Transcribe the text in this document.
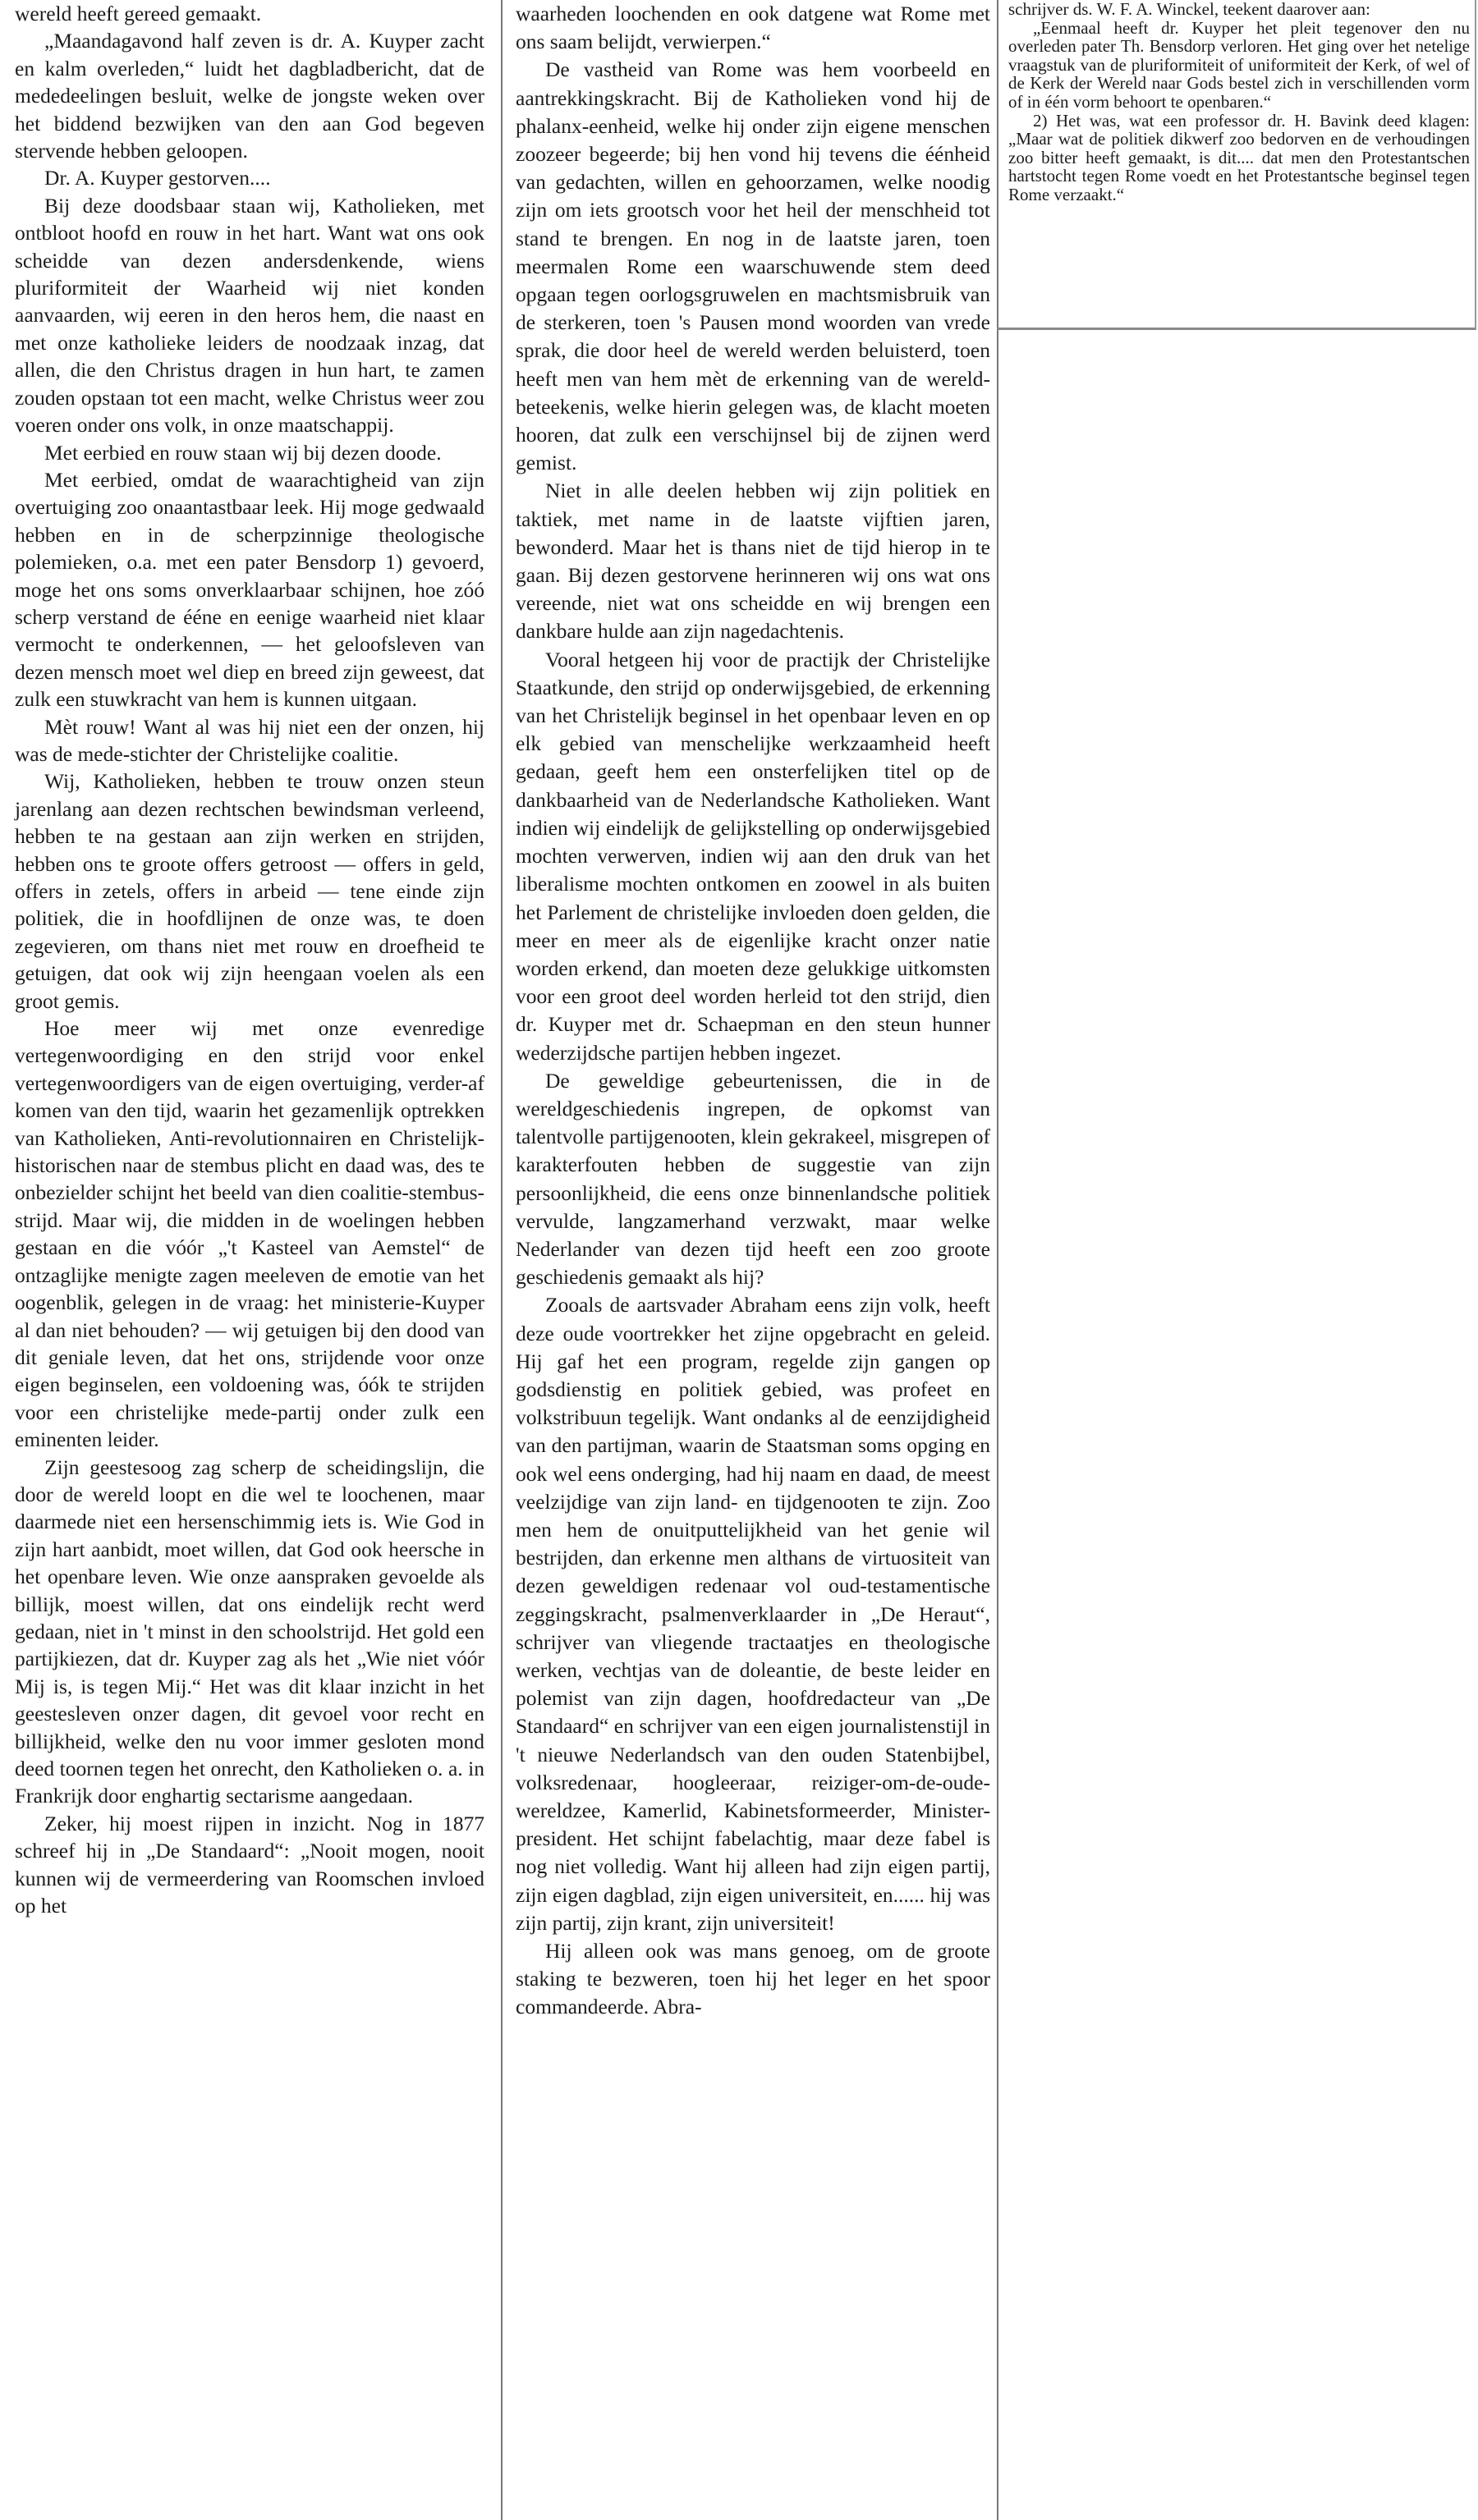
wereld heeft gereed gemaakt.

„Maandagavond half zeven is dr. A. Kuyper zacht en kalm overleden,“ luidt het dagbladbericht, dat de mededeelingen besluit, welke de jongste weken over het biddend bezwijken van den aan God begeven stervende hebben geloopen.

Dr. A. Kuyper gestorven....

Bij deze doodsbaar staan wij, Katholieken, met ontbloot hoofd en rouw in het hart. Want wat ons ook scheidde van dezen andersdenkende, wiens pluriformiteit der Waarheid wij niet konden aanvaarden, wij eeren in den heros hem, die naast en met onze katholieke leiders de noodzaak inzag, dat allen, die den Christus dragen in hun hart, te zamen zouden opstaan tot een macht, welke Christus weer zou voeren onder ons volk, in onze maatschappij.

Met eerbied en rouw staan wij bij dezen doode.

Met eerbied, omdat de waarachtigheid van zijn overtuiging zoo onaantastbaar leek. Hij moge gedwaald hebben en in de scherpzinnige theologische polemieken, o.a. met een pater Bensdorp 1) gevoerd, moge het ons soms onverklaarbaar schijnen, hoe zóó scherp verstand de ééne en eenige waarheid niet klaar vermocht te onderkennen, — het geloofsleven van dezen mensch moet wel diep en breed zijn geweest, dat zulk een stuwkracht van hem is kunnen uitgaan.

Mèt rouw! Want al was hij niet een der onzen, hij was de mede-stichter der Christelijke coalitie.

Wij, Katholieken, hebben te trouw onzen steun jarenlang aan dezen rechtschen bewindsman verleend, hebben te na gestaan aan zijn werken en strijden, hebben ons te groote offers getroost — offers in geld, offers in zetels, offers in arbeid — tene einde zijn politiek, die in hoofdlijnen de onze was, te doen zegevieren, om thans niet met rouw en droefheid te getuigen, dat ook wij zijn heengaan voelen als een groot gemis.

Hoe meer wij met onze evenredige vertegenwoordiging en den strijd voor enkel vertegenwoordigers van de eigen overtuiging, verder-af komen van den tijd, waarin het gezamenlijk optrekken van Katholieken, Anti-revolutionnairen en Christelijk-historischen naar de stembus plicht en daad was, des te onbezielder schijnt het beeld van dien coalitie-stembus-strijd. Maar wij, die midden in de woelingen hebben gestaan en die vóór „'t Kasteel van Aemstel“ de ontzaglijke menigte zagen meeleven de emotie van het oogenblik, gelegen in de vraag: het ministerie-Kuyper al dan niet behouden? — wij getuigen bij den dood van dit geniale leven, dat het ons, strijdende voor onze eigen beginselen, een voldoening was, óók te strijden voor een christelijke mede-partij onder zulk een eminenten leider.

Zijn geestesoog zag scherp de scheidingslijn, die door de wereld loopt en die wel te loochenen, maar daarmede niet een hersenschimmig iets is. Wie God in zijn hart aanbidt, moet willen, dat God ook heersche in het openbare leven. Wie onze aanspraken gevoelde als billijk, moest willen, dat ons eindelijk recht werd gedaan, niet in 't minst in den schoolstrijd. Het gold een partijkiezen, dat dr. Kuyper zag als het „Wie niet vóór Mij is, is tegen Mij.“ Het was dit klaar inzicht in het geestesleven onzer dagen, dit gevoel voor recht en billijkheid, welke den nu voor immer gesloten mond deed toornen tegen het onrecht, den Katholieken o. a. in Frankrijk door enghartig sectarisme aangedaan.

Zeker, hij moest rijpen in inzicht. Nog in 1877 schreef hij in „De Standaard“: „Nooit mogen, nooit kunnen wij de vermeerdering van Roomschen invloed op het

waarheden loochenden en ook datgene wat Rome met ons saam belijdt, verwierpen.“

De vastheid van Rome was hem voorbeeld en aantrekkingskracht. Bij de Katholieken vond hij de phalanx-eenheid, welke hij onder zijn eigene menschen zoozeer begeerde; bij hen vond hij tevens die éénheid van gedachten, willen en gehoorzamen, welke noodig zijn om iets grootsch voor het heil der menschheid tot stand te brengen. En nog in de laatste jaren, toen meermalen Rome een waarschuwende stem deed opgaan tegen oorlogsgruwelen en machtsmisbruik van de sterkeren, toen 's Pausen mond woorden van vrede sprak, die door heel de wereld werden beluisterd, toen heeft men van hem mèt de erkenning van de wereld-beteekenis, welke hierin gelegen was, de klacht moeten hooren, dat zulk een verschijnsel bij de zijnen werd gemist.

Niet in alle deelen hebben wij zijn politiek en taktiek, met name in de laatste vijftien jaren, bewonderd. Maar het is thans niet de tijd hierop in te gaan. Bij dezen gestorvene herinneren wij ons wat ons vereende, niet wat ons scheidde en wij brengen een dankbare hulde aan zijn nagedachtenis.

Vooral hetgeen hij voor de practijk der Christelijke Staatkunde, den strijd op onderwijsgebied, de erkenning van het Christelijk beginsel in het openbaar leven en op elk gebied van menschelijke werkzaamheid heeft gedaan, geeft hem een onsterfelijken titel op de dankbaarheid van de Nederlandsche Katholieken. Want indien wij eindelijk de gelijkstelling op onderwijsgebied mochten verwerven, indien wij aan den druk van het liberalisme mochten ontkomen en zoowel in als buiten het Parlement de christelijke invloeden doen gelden, die meer en meer als de eigenlijke kracht onzer natie worden erkend, dan moeten deze gelukkige uitkomsten voor een groot deel worden herleid tot den strijd, dien dr. Kuyper met dr. Schaepman en den steun hunner wederzijdsche partijen hebben ingezet.

De geweldige gebeurtenissen, die in de wereldgeschiedenis ingrepen, de opkomst van talentvolle partijgenooten, klein gekrakeel, misgrepen of karakterfouten hebben de suggestie van zijn persoonlijkheid, die eens onze binnenlandsche politiek vervulde, langzamerhand verzwakt, maar welke Nederlander van dezen tijd heeft een zoo groote geschiedenis gemaakt als hij?

Zooals de aartsvader Abraham eens zijn volk, heeft deze oude voortrekker het zijne opgebracht en geleid. Hij gaf het een program, regelde zijn gangen op godsdienstig en politiek gebied, was profeet en volkstribuun tegelijk. Want ondanks al de eenzijdigheid van den partijman, waarin de Staatsman soms opging en ook wel eens onderging, had hij naam en daad, de meest veelzijdige van zijn land- en tijdgenooten te zijn. Zoo men hem de onuitputtelijkheid van het genie wil bestrijden, dan erkenne men althans de virtuositeit van dezen geweldigen redenaar vol oud-testamentische zeggingskracht, psalmenverklaarder in „De Heraut“, schrijver van vliegende tractaatjes en theologische werken, vechtjas van de doleantie, de beste leider en polemist van zijn dagen, hoofdredacteur van „De Standaard“ en schrijver van een eigen journalistenstijl in 't nieuwe Nederlandsch van den ouden Statenbijbel, volksredenaar, hoogleeraar, reiziger-om-de-oude-wereldzee, Kamerlid, Kabinetsformeerder, Minister-president. Het schijnt fabelachtig, maar deze fabel is nog niet volledig. Want hij alleen had zijn eigen partij, zijn eigen dagblad, zijn eigen universiteit, en...... hij was zijn partij, zijn krant, zijn universiteit!

Hij alleen ook was mans genoeg, om de groote staking te bezweren, toen hij het leger en het spoor commandeerde. Abra-

schrijver ds. W. F. A. Winckel, teekent daarover aan:

„Eenmaal heeft dr. Kuyper het pleit tegenover den nu overleden pater Th. Bensdorp verloren. Het ging over het netelige vraagstuk van de pluriformiteit of uniformiteit der Kerk, of wel of de Kerk der Wereld naar Gods bestel zich in verschillenden vorm of in één vorm behoort te openbaren.“

2) Het was, wat een professor dr. H. Bavink deed klagen: „Maar wat de politiek dikwerf zoo bedorven en de verhoudingen zoo bitter heeft gemaakt, is dit.... dat men den Protestantschen hartstocht tegen Rome voedt en het Protestantsche beginsel tegen Rome verzaakt.“
